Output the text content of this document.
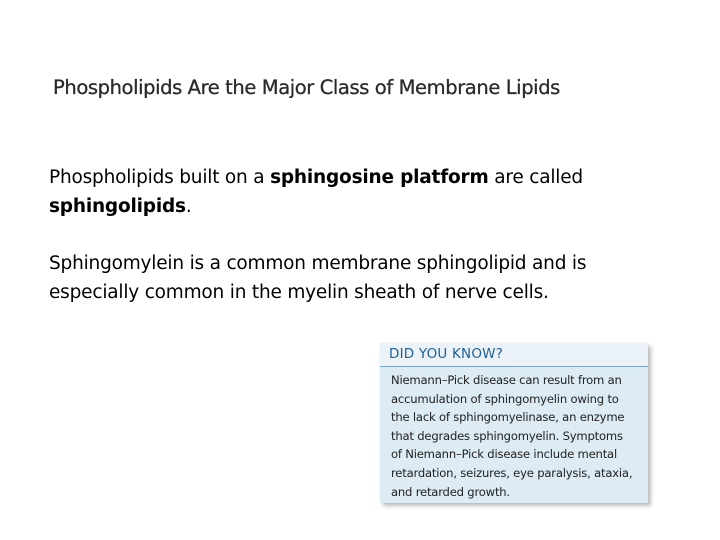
Phospholipids Are the Major Class of Membrane Lipids

Phospholipids built on a sphingosine platform are called
sphingolipids.

Sphingomylein is a common membrane sphingolipid and is
especially common in the myelin sheath of nerve cells.

DID YOU KNOW?
Niemann–Pick disease can result from an
accumulation of sphingomyelin owing to
the lack of sphingomyelinase, an enzyme
that degrades sphingomyelin. Symptoms
of Niemann–Pick disease include mental
retardation, seizures, eye paralysis, ataxia,
and retarded growth.
